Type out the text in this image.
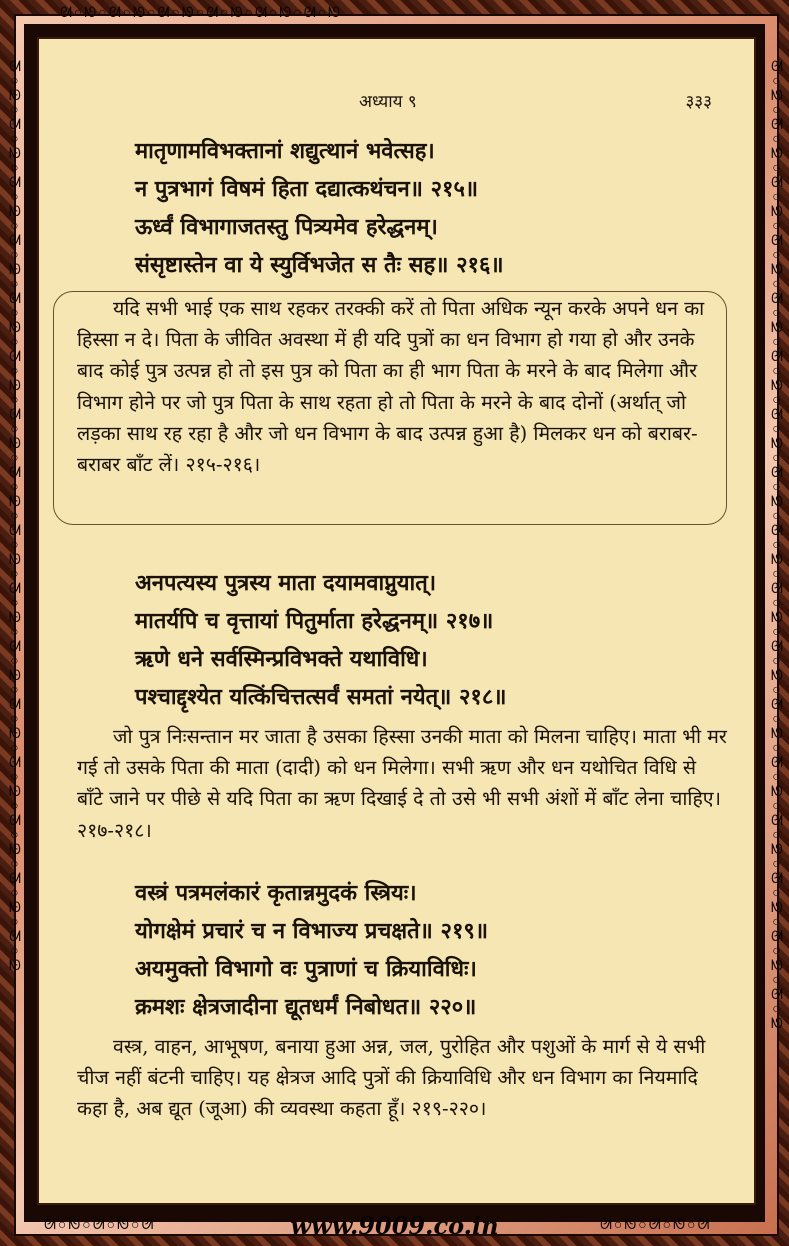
ᘛ○ᘚ○ᘛ○ᘚ○ᘛ○ᘚ○ᘛ○ᘚ○ᘛ○ᘚ○ᘛ○ᘚ
ᘛ○ᘚ○ᘛ○ᘚ○ᘛ	ᘛ○ᘚ○ᘛ○ᘚ○ᘛ
ᘛ○ᘚ○ᘛ○ᘚ○ᘛ○ᘚ○ᘛ○ᘚ○ᘛ○ᘚ○ᘛ○ᘚ○ᘛ○ᘚ○ᘛ○ᘚ○ᘛ○ᘚ○ᘛ○ᘚ○ᘛ○ᘚ○ᘛ○ᘚ○ᘛ○ᘚ○ᘛ○ᘚ○ᘛ○ᘚ○ᘛ○ᘚ	ᘛ○ᘚ○ᘛ○ᘚ○ᘛ○ᘚ○ᘛ○ᘚ○ᘛ○ᘚ○ᘛ○ᘚ○ᘛ○ᘚ○ᘛ○ᘚ○ᘛ○ᘚ○ᘛ○ᘚ○ᘛ○ᘚ○ᘛ○ᘚ○ᘛ○ᘚ○ᘛ○ᘚ○ᘛ○ᘚ○ᘛ○ᘚ○ᘛ○ᘚ
अध्याय ९	३३३
मातृणामविभक्तानां शद्युत्थानं भवेत्सह।
न पुत्रभागं विषमं हिता दद्यात्कथंचन॥ २१५॥
ऊर्ध्वं विभागाजतस्तु पित्र्यमेव हरेद्धनम्।
संसृष्टास्तेन वा ये स्युर्विभजेत स तैः सह॥ २१६॥

यदि सभी भाई एक साथ रहकर तरक्की करें तो पिता अधिक न्यून करके अपने धन का हिस्सा न दे। पिता के जीवित अवस्था में ही यदि पुत्रों का धन विभाग हो गया हो और उनके बाद कोई पुत्र उत्पन्न हो तो इस पुत्र को पिता का ही भाग पिता के मरने के बाद मिलेगा और विभाग होने पर जो पुत्र पिता के साथ रहता हो तो पिता के मरने के बाद दोनों (अर्थात् जो लड़का साथ रह रहा है और जो धन विभाग के बाद उत्पन्न हुआ है) मिलकर धन को बराबर-बराबर बाँट लें। २१५-२१६।

अनपत्यस्य पुत्रस्य माता दयामवाप्नुयात्।
मातर्यपि च वृत्तायां पितुर्माता हरेद्धनम्॥ २१७॥
ऋणे धने सर्वस्मिन्प्रविभक्ते यथाविधि।
पश्चाद्दृश्येत यत्किंचित्तत्सर्वं समतां नयेत्॥ २१८॥

जो पुत्र निःसन्तान मर जाता है उसका हिस्सा उनकी माता को मिलना चाहिए। माता भी मर गई तो उसके पिता की माता (दादी) को धन मिलेगा। सभी ऋण और धन यथोचित विधि से बाँटे जाने पर पीछे से यदि पिता का ऋण दिखाई दे तो उसे भी सभी अंशों में बाँट लेना चाहिए। २१७-२१८।

वस्त्रं पत्रमलंकारं कृतान्नमुदकं स्त्रियः।
योगक्षेमं प्रचारं च न विभाज्य प्रचक्षते॥ २१९॥
अयमुक्तो विभागो वः पुत्राणां च क्रियाविधिः।
क्रमशः क्षेत्रजादीना द्यूतधर्मं निबोधत॥ २२०॥

वस्त्र, वाहन, आभूषण, बनाया हुआ अन्न, जल, पुरोहित और पशुओं के मार्ग से ये सभी चीज नहीं बंटनी चाहिए। यह क्षेत्रज आदि पुत्रों की क्रियाविधि और धन विभाग का नियमादि कहा है, अब द्यूत (जूआ) की व्यवस्था कहता हूँ। २१९-२२०।

www.9009.co.in
